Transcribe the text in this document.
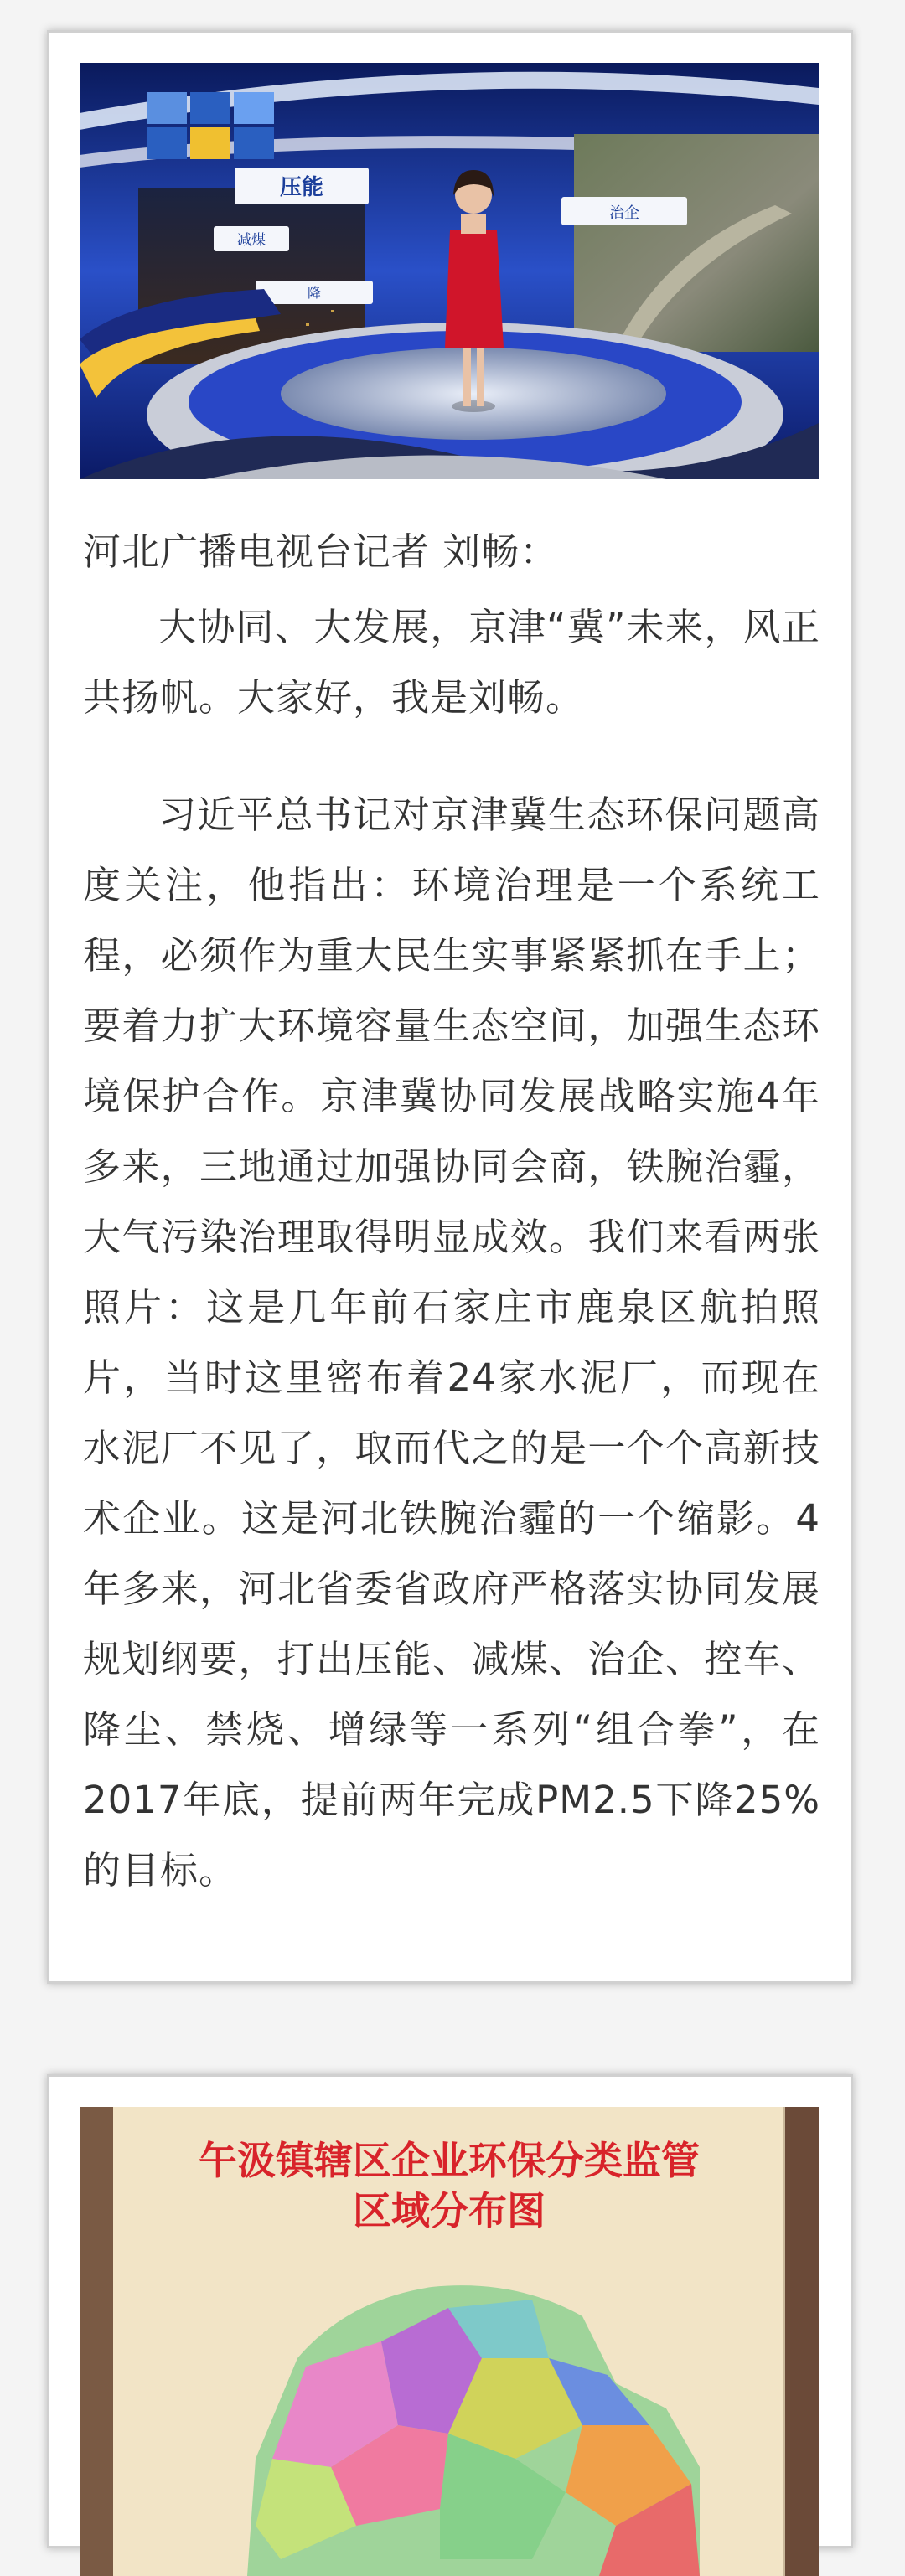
压能
减煤
降
治企
河北广播电视台记者 刘畅：
大协同、大发展，京津“冀”未来，风正共扬帆。大家好，我是刘畅。
习近平总书记对京津冀生态环保问题高度关注，他指出：环境治理是一个系统工程，必须作为重大民生实事紧紧抓在手上；要着力扩大环境容量生态空间，加强生态环境保护合作。京津冀协同发展战略实施4年多来，三地通过加强协同会商，铁腕治霾，大气污染治理取得明显成效。我们来看两张照片：这是几年前石家庄市鹿泉区航拍照片，当时这里密布着24家水泥厂，而现在水泥厂不见了，取而代之的是一个个高新技术企业。这是河北铁腕治霾的一个缩影。4年多来，河北省委省政府严格落实协同发展规划纲要，打出压能、减煤、治企、控车、降尘、禁烧、增绿等一系列“组合拳”，在2017年底，提前两年完成PM2.5下降25%的目标。
午汲镇辖区企业环保分类监管
区域分布图
